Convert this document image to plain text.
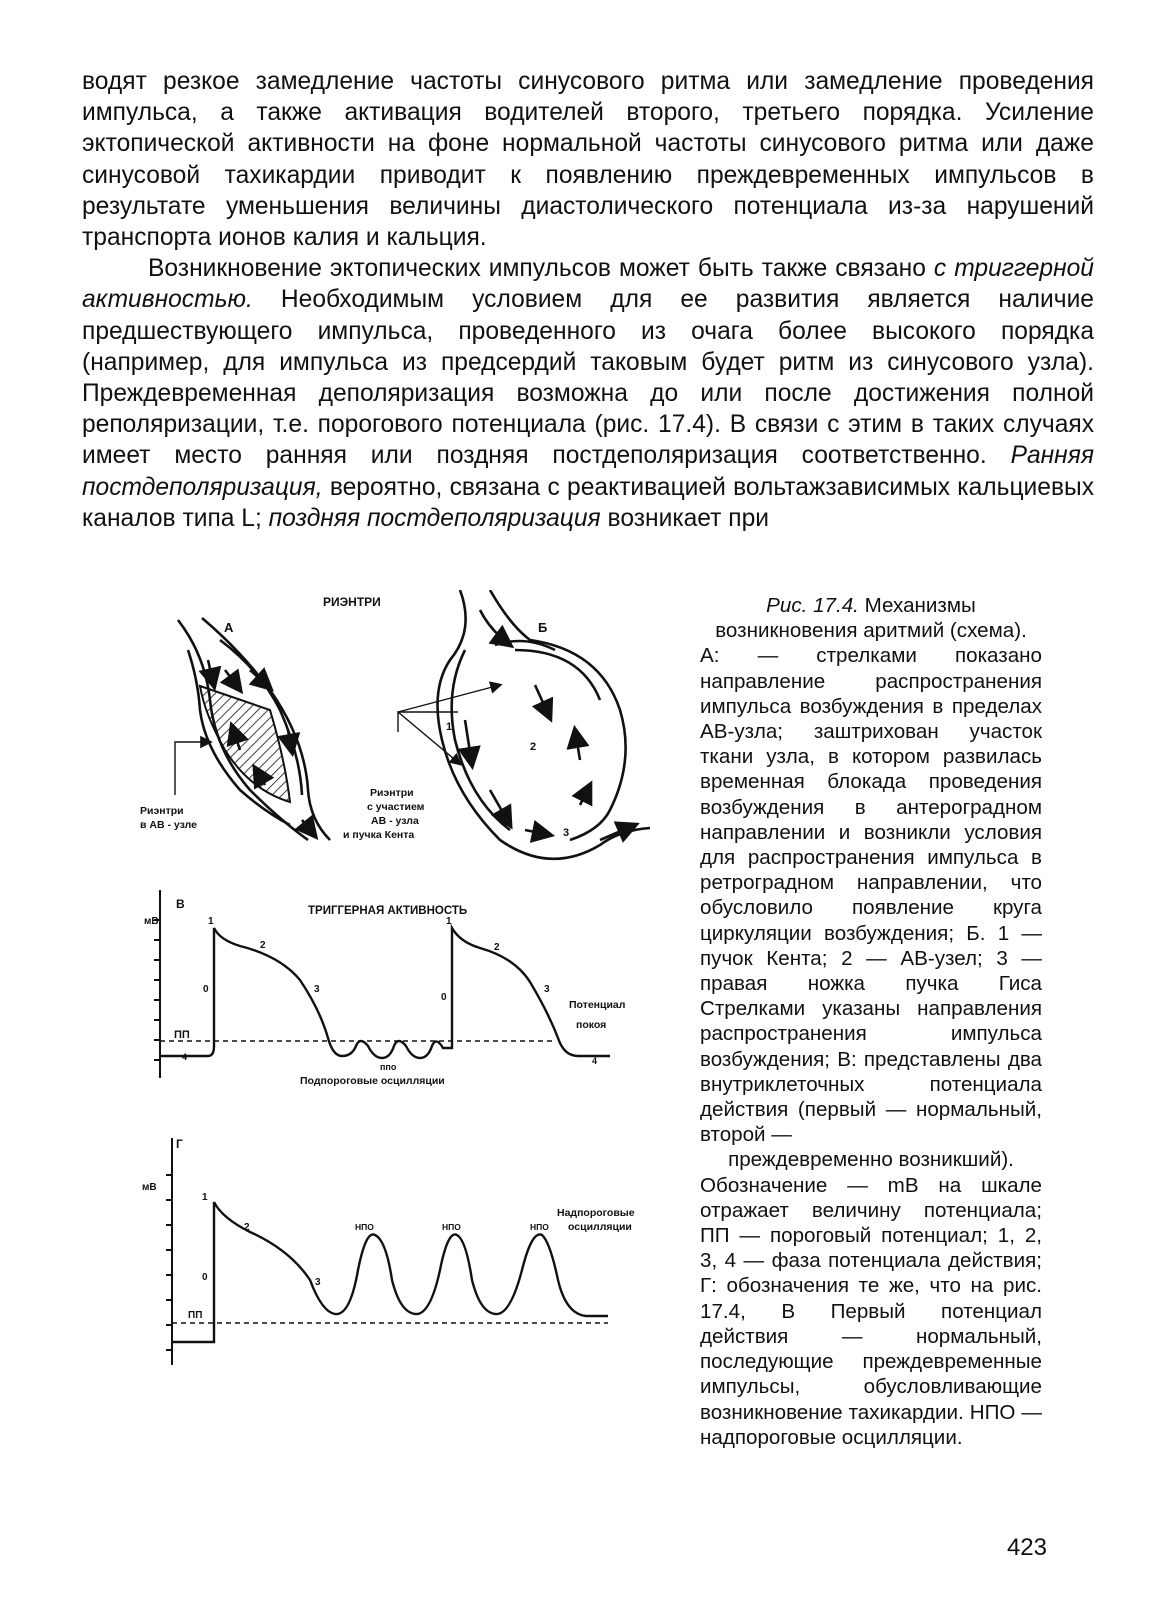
водят резкое замедление частоты синусового ритма или замедление проведения импульса, а также активация водителей второго, третьего порядка. Усиление эктопической активности на фоне нормальной частоты синусового ритма или даже синусовой тахикардии приводит к появлению преждевременных импульсов в результате уменьшения величины диастолического потенциала из-за нарушений транспорта ионов калия и кальция.

Возникновение эктопических импульсов может быть также связано с триггерной активностью. Необходимым условием для ее развития является наличие предшествующего импульса, проведенного из очага более высокого порядка (например, для импульса из предсердий таковым будет ритм из синусового узла). Преждевременная деполяризация возможна до или после достижения полной реполяризации, т.е. порогового потенциала (рис. 17.4). В связи с этим в таких случаях имеет место ранняя или поздняя постдеполяризация соответственно. Ранняя постдеполяризация, вероятно, связана с реактивацией вольтажзависимых кальциевых каналов типа L; поздняя постдеполяризация возникает при

РИЭНТРИ
А
Риэнтри
в АВ - узле
Б
1
2
3
Риэнтри
с участием
АВ - узла
и пучка Кента
В	ТРИГГЕРНАЯ АКТИВНОСТЬ
мВ
ПП
1
2
3
0
4
1
2
3
0
4
Потенциал
покоя
ппо
Подпороговые осцилляции
Г
мВ
ПП
1
2
3
0
НПО	НПО	НПО
Надпороговые
осцилляции
Рис. 17.4. Механизмы возникновения аритмий (схема).
А: — стрелками показано направление распространения импульса возбуждения в пределах АВ-узла; заштрихован участок ткани узла, в котором развилась временная блокада проведения возбуждения в антероградном направлении и возникли условия для распространения импульса в ретроградном направлении, что обусловило появление круга циркуляции возбуждения; Б. 1 — пучок Кента; 2 — АВ-узел; 3 — правая ножка пучка Гиса Стрелками указаны направления распространения импульса возбуждения; В: представлены два внутриклеточных потенциала действия (первый — нормальный, второй —
преждевременно возникший).
Обозначение — mВ на шкале отражает величину потенциала; ПП — пороговый потенциал; 1, 2, 3, 4 — фаза потенциала действия; Г: обозначения те же, что на рис. 17.4, В Первый потенциал действия — нормальный, последующие преждевременные импульсы, обусловливающие возникновение тахикардии. НПО — надпороговые осцилляции.
423
